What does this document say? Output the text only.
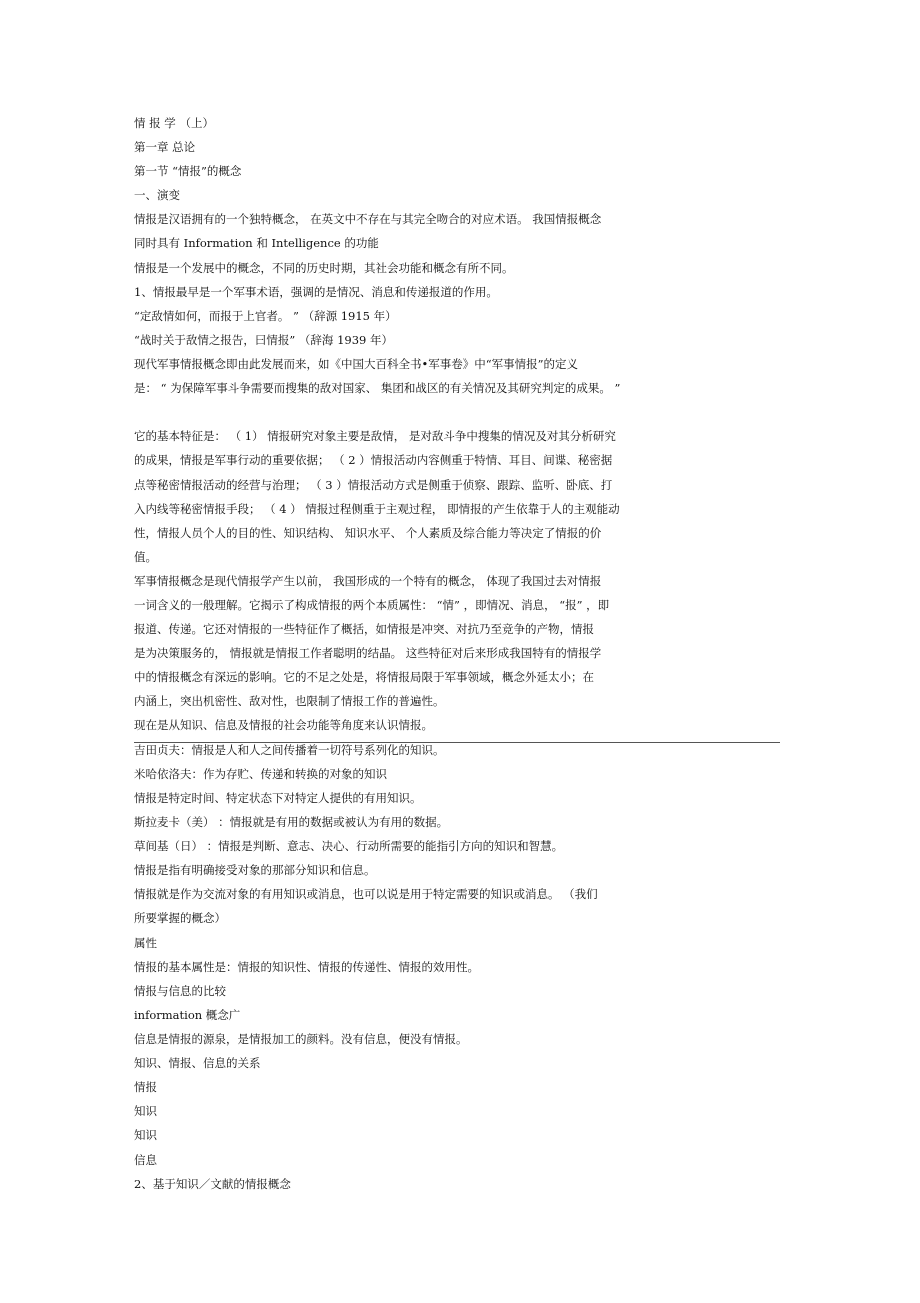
情 报 学 （上）
第一章 总论
第一节 “情报”的概念
一、演变
情报是汉语拥有的一个独特概念， 在英文中不存在与其完全吻合的对应术语。 我国情报概念
同时具有 Information 和 Intelligence 的功能
情报是一个发展中的概念，不同的历史时期，其社会功能和概念有所不同。
1、情报最早是一个军事术语，强调的是情况、消息和传递报道的作用。
“定敌情如何，而报于上官者。 ” （辞源 1915 年）
“战时关于敌情之报告，曰情报” （辞海 1939 年）
现代军事情报概念即由此发展而来，如《中国大百科全书•军事卷》中“军事情报”的定义
是： “ 为保障军事斗争需要而搜集的敌对国家、 集团和战区的有关情况及其研究判定的成果。 ”
它的基本特征是： （ 1） 情报研究对象主要是敌情， 是对敌斗争中搜集的情况及对其分析研究
的成果，情报是军事行动的重要依据； （ 2 ）情报活动内容侧重于特情、耳目、间谍、秘密据
点等秘密情报活动的经营与治理； （ 3 ）情报活动方式是侧重于侦察、跟踪、监听、卧底、打
入内线等秘密情报手段； （ 4 ） 情报过程侧重于主观过程， 即情报的产生依靠于人的主观能动
性，情报人员个人的目的性、知识结构、 知识水平、 个人素质及综合能力等决定了情报的价
值。
军事情报概念是现代情报学产生以前， 我国形成的一个特有的概念， 体现了我国过去对情报
一词含义的一般理解。它揭示了构成情报的两个本质属性： “情” ，即情况、消息， “报” ，即
报道、传递。它还对情报的一些特征作了概括，如情报是冲突、对抗乃至竞争的产物，情报
是为决策服务的， 情报就是情报工作者聪明的结晶。 这些特征对后来形成我国特有的情报学
中的情报概念有深远的影响。它的不足之处是，将情报局限于军事领域，概念外延太小；在
内涵上，突出机密性、敌对性，也限制了情报工作的普遍性。
现在是从知识、信息及情报的社会功能等角度来认识情报。
吉田贞夫：情报是人和人之间传播着一切符号系列化的知识。
米哈依洛夫：作为存贮、传递和转换的对象的知识
情报是特定时间、特定状态下对特定人提供的有用知识。
斯拉麦卡（美） ：情报就是有用的数据或被认为有用的数据。
草间基（日） ：情报是判断、意志、决心、行动所需要的能指引方向的知识和智慧。
情报是指有明确接受对象的那部分知识和信息。
情报就是作为交流对象的有用知识或消息，也可以说是用于特定需要的知识或消息。 （我们
所要掌握的概念）
属性
情报的基本属性是：情报的知识性、情报的传递性、情报的效用性。
情报与信息的比较
information 概念广
信息是情报的源泉，是情报加工的颜料。没有信息，便没有情报。
知识、情报、信息的关系
情报
知识
知识
信息
2、基于知识／文献的情报概念
